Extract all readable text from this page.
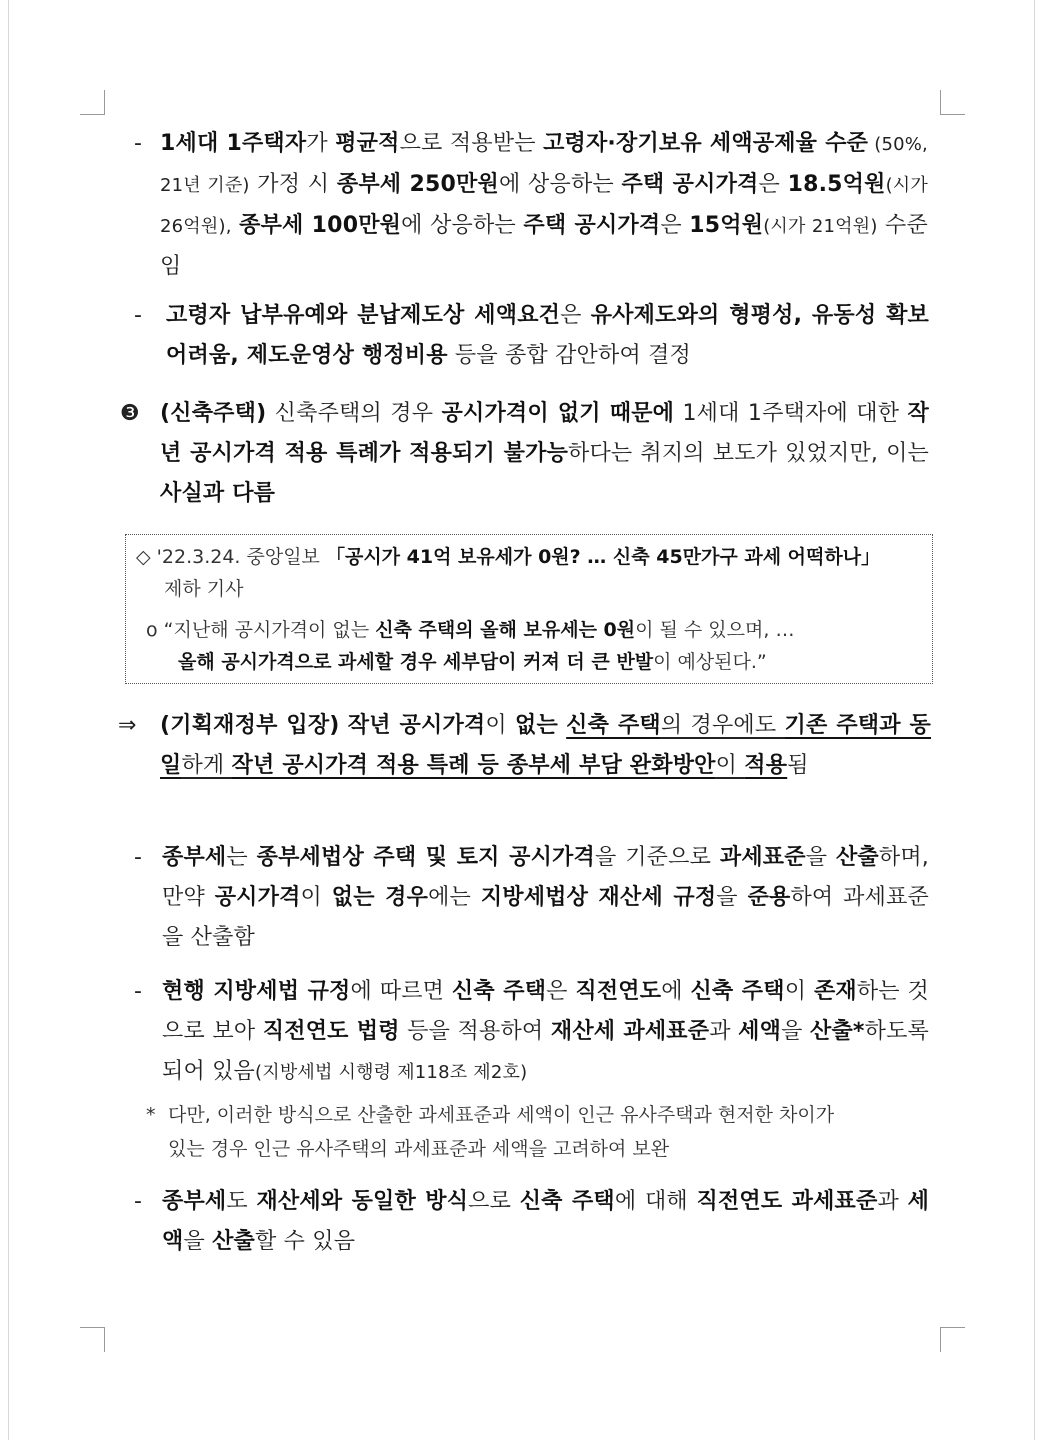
- 1세대 1주택자가 평균적으로 적용받는 고령자·장기보유 세액공제율 수준 (50%, 21년 기준) 가정 시 종부세 250만원에 상응하는 주택 공시가격은 18.5억원(시가 26억원), 종부세 100만원에 상응하는 주택 공시가격은 15억원(시가 21억원) 수준임
- 고령자 납부유예와 분납제도상 세액요건은 유사제도와의 형평성, 유동성 확보 어려움, 제도운영상 행정비용 등을 종합 감안하여 결정
❸ (신축주택) 신축주택의 경우 공시가격이 없기 때문에 1세대 1주택자에 대한 작년 공시가격 적용 특례가 적용되기 불가능하다는 취지의 보도가 있었지만, 이는 사실과 다름
◇ '22.3.24. 중앙일보 「공시가 41억 보유세가 0원? … 신축 45만가구 과세 어떡하나」
제하 기사
ο “지난해 공시가격이 없는 신축 주택의 올해 보유세는 0원이 될 수 있으며, …
올해 공시가격으로 과세할 경우 세부담이 커져 더 큰 반발이 예상된다.”
⇒ (기획재정부 입장) 작년 공시가격이 없는 신축 주택의 경우에도 기존 주택과 동일하게 작년 공시가격 적용 특례 등 종부세 부담 완화방안이 적용됨
- 종부세는 종부세법상 주택 및 토지 공시가격을 기준으로 과세표준을 산출하며, 만약 공시가격이 없는 경우에는 지방세법상 재산세 규정을 준용하여 과세표준을 산출함
- 현행 지방세법 규정에 따르면 신축 주택은 직전연도에 신축 주택이 존재하는 것으로 보아 직전연도 법령 등을 적용하여 재산세 과세표준과 세액을 산출*하도록 되어 있음(지방세법 시행령 제118조 제2호)
* 다만, 이러한 방식으로 산출한 과세표준과 세액이 인근 유사주택과 현저한 차이가
있는 경우 인근 유사주택의 과세표준과 세액을 고려하여 보완
- 종부세도 재산세와 동일한 방식으로 신축 주택에 대해 직전연도 과세표준과 세액을 산출할 수 있음
